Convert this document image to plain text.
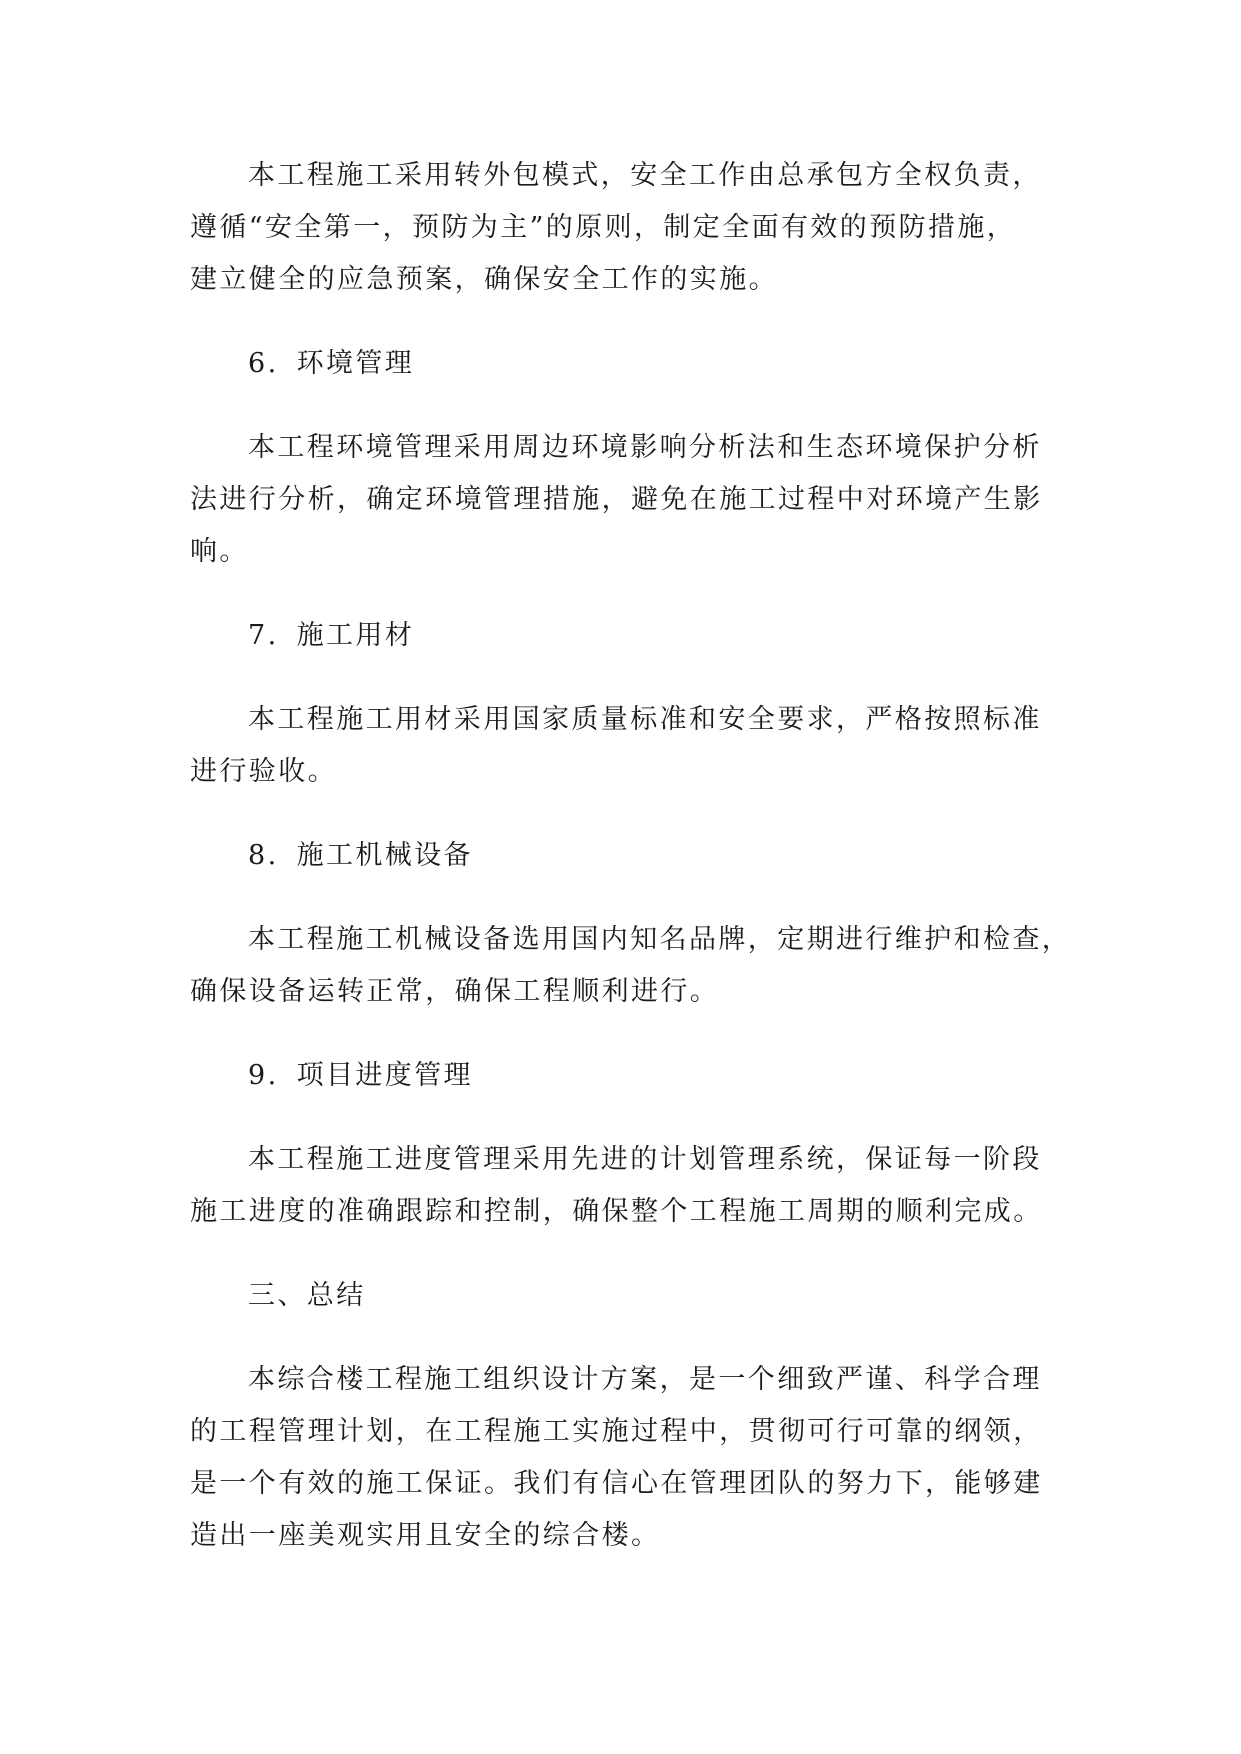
本工程施工采用转外包模式，安全工作由总承包方全权负责，
遵循“安全第一，预防为主”的原则，制定全面有效的预防措施，
建立健全的应急预案，确保安全工作的实施。

6. 环境管理

本工程环境管理采用周边环境影响分析法和生态环境保护分析
法进行分析，确定环境管理措施，避免在施工过程中对环境产生影
响。

7. 施工用材

本工程施工用材采用国家质量标准和安全要求，严格按照标准
进行验收。

8. 施工机械设备

本工程施工机械设备选用国内知名品牌，定期进行维护和检查，
确保设备运转正常，确保工程顺利进行。

9. 项目进度管理

本工程施工进度管理采用先进的计划管理系统，保证每一阶段
施工进度的准确跟踪和控制，确保整个工程施工周期的顺利完成。

三、总结

本综合楼工程施工组织设计方案，是一个细致严谨、科学合理
的工程管理计划，在工程施工实施过程中，贯彻可行可靠的纲领，
是一个有效的施工保证。我们有信心在管理团队的努力下，能够建
造出一座美观实用且安全的综合楼。
